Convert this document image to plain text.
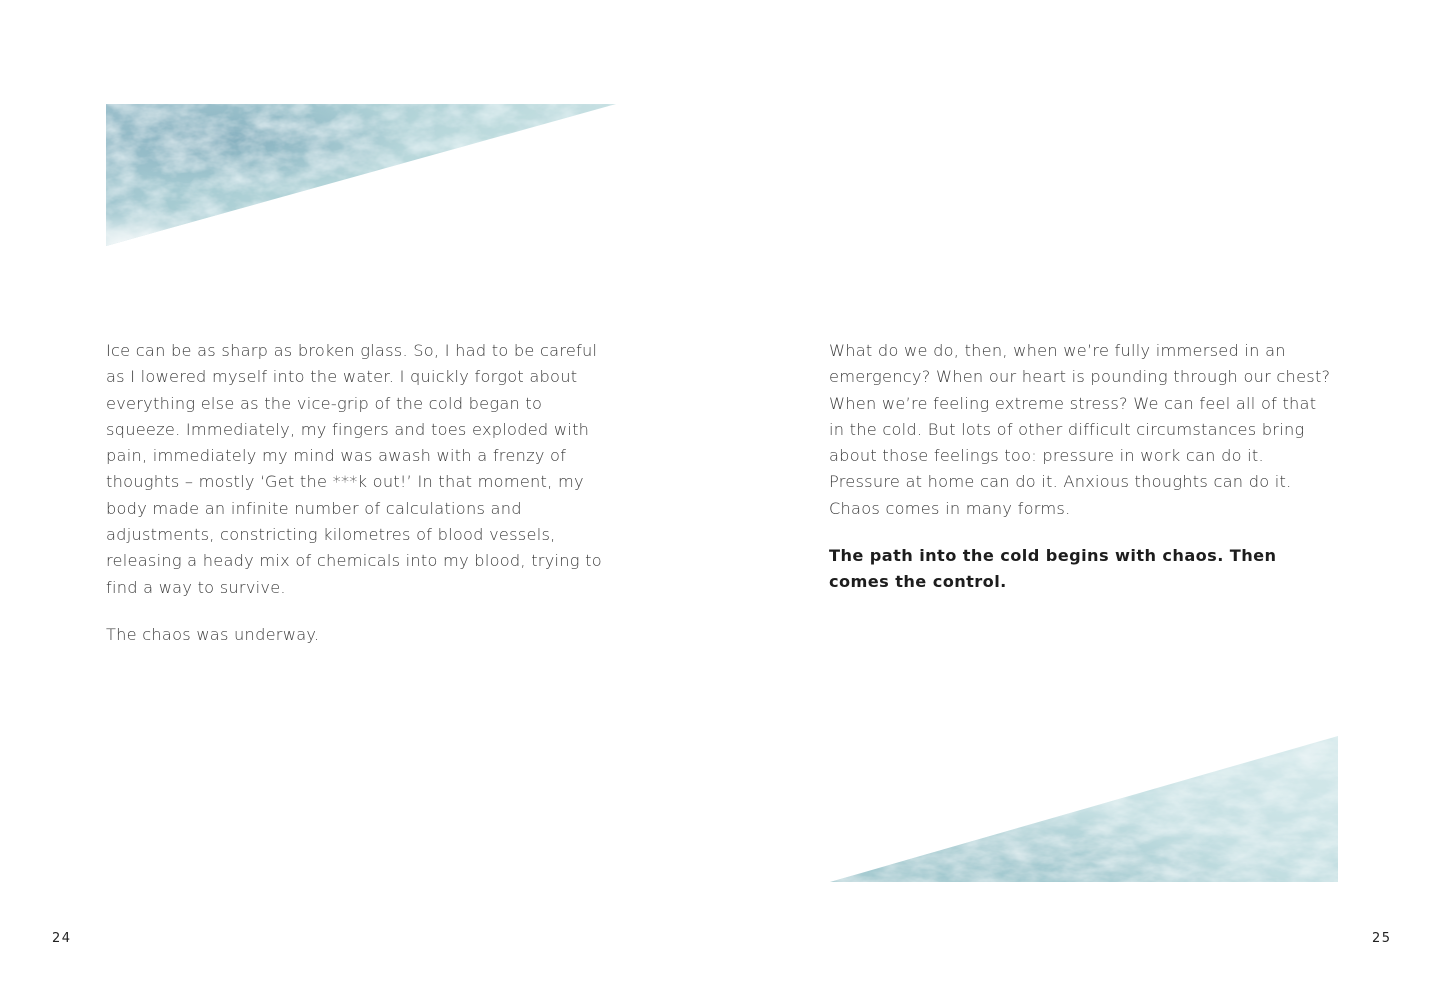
Ice can be as sharp as broken glass. So, I had to be careful as I lowered myself into the water. I quickly forgot about everything else as the vice-grip of the cold began to squeeze. Immediately, my fingers and toes exploded with pain, immediately my mind was awash with a frenzy of thoughts – mostly ‘Get the ***k out!’ In that moment, my body made an infinite number of calculations and adjustments, constricting kilometres of blood vessels, releasing a heady mix of chemicals into my blood, trying to find a way to survive.

The chaos was underway.

24

What do we do, then, when we’re fully immersed in an emergency? When our heart is pounding through our chest? When we’re feeling extreme stress? We can feel all of that in the cold. But lots of other difficult circumstances bring about those feelings too: pressure in work can do it. Pressure at home can do it. Anxious thoughts can do it. Chaos comes in many forms.

The path into the cold begins with chaos. Then comes the control.

25
